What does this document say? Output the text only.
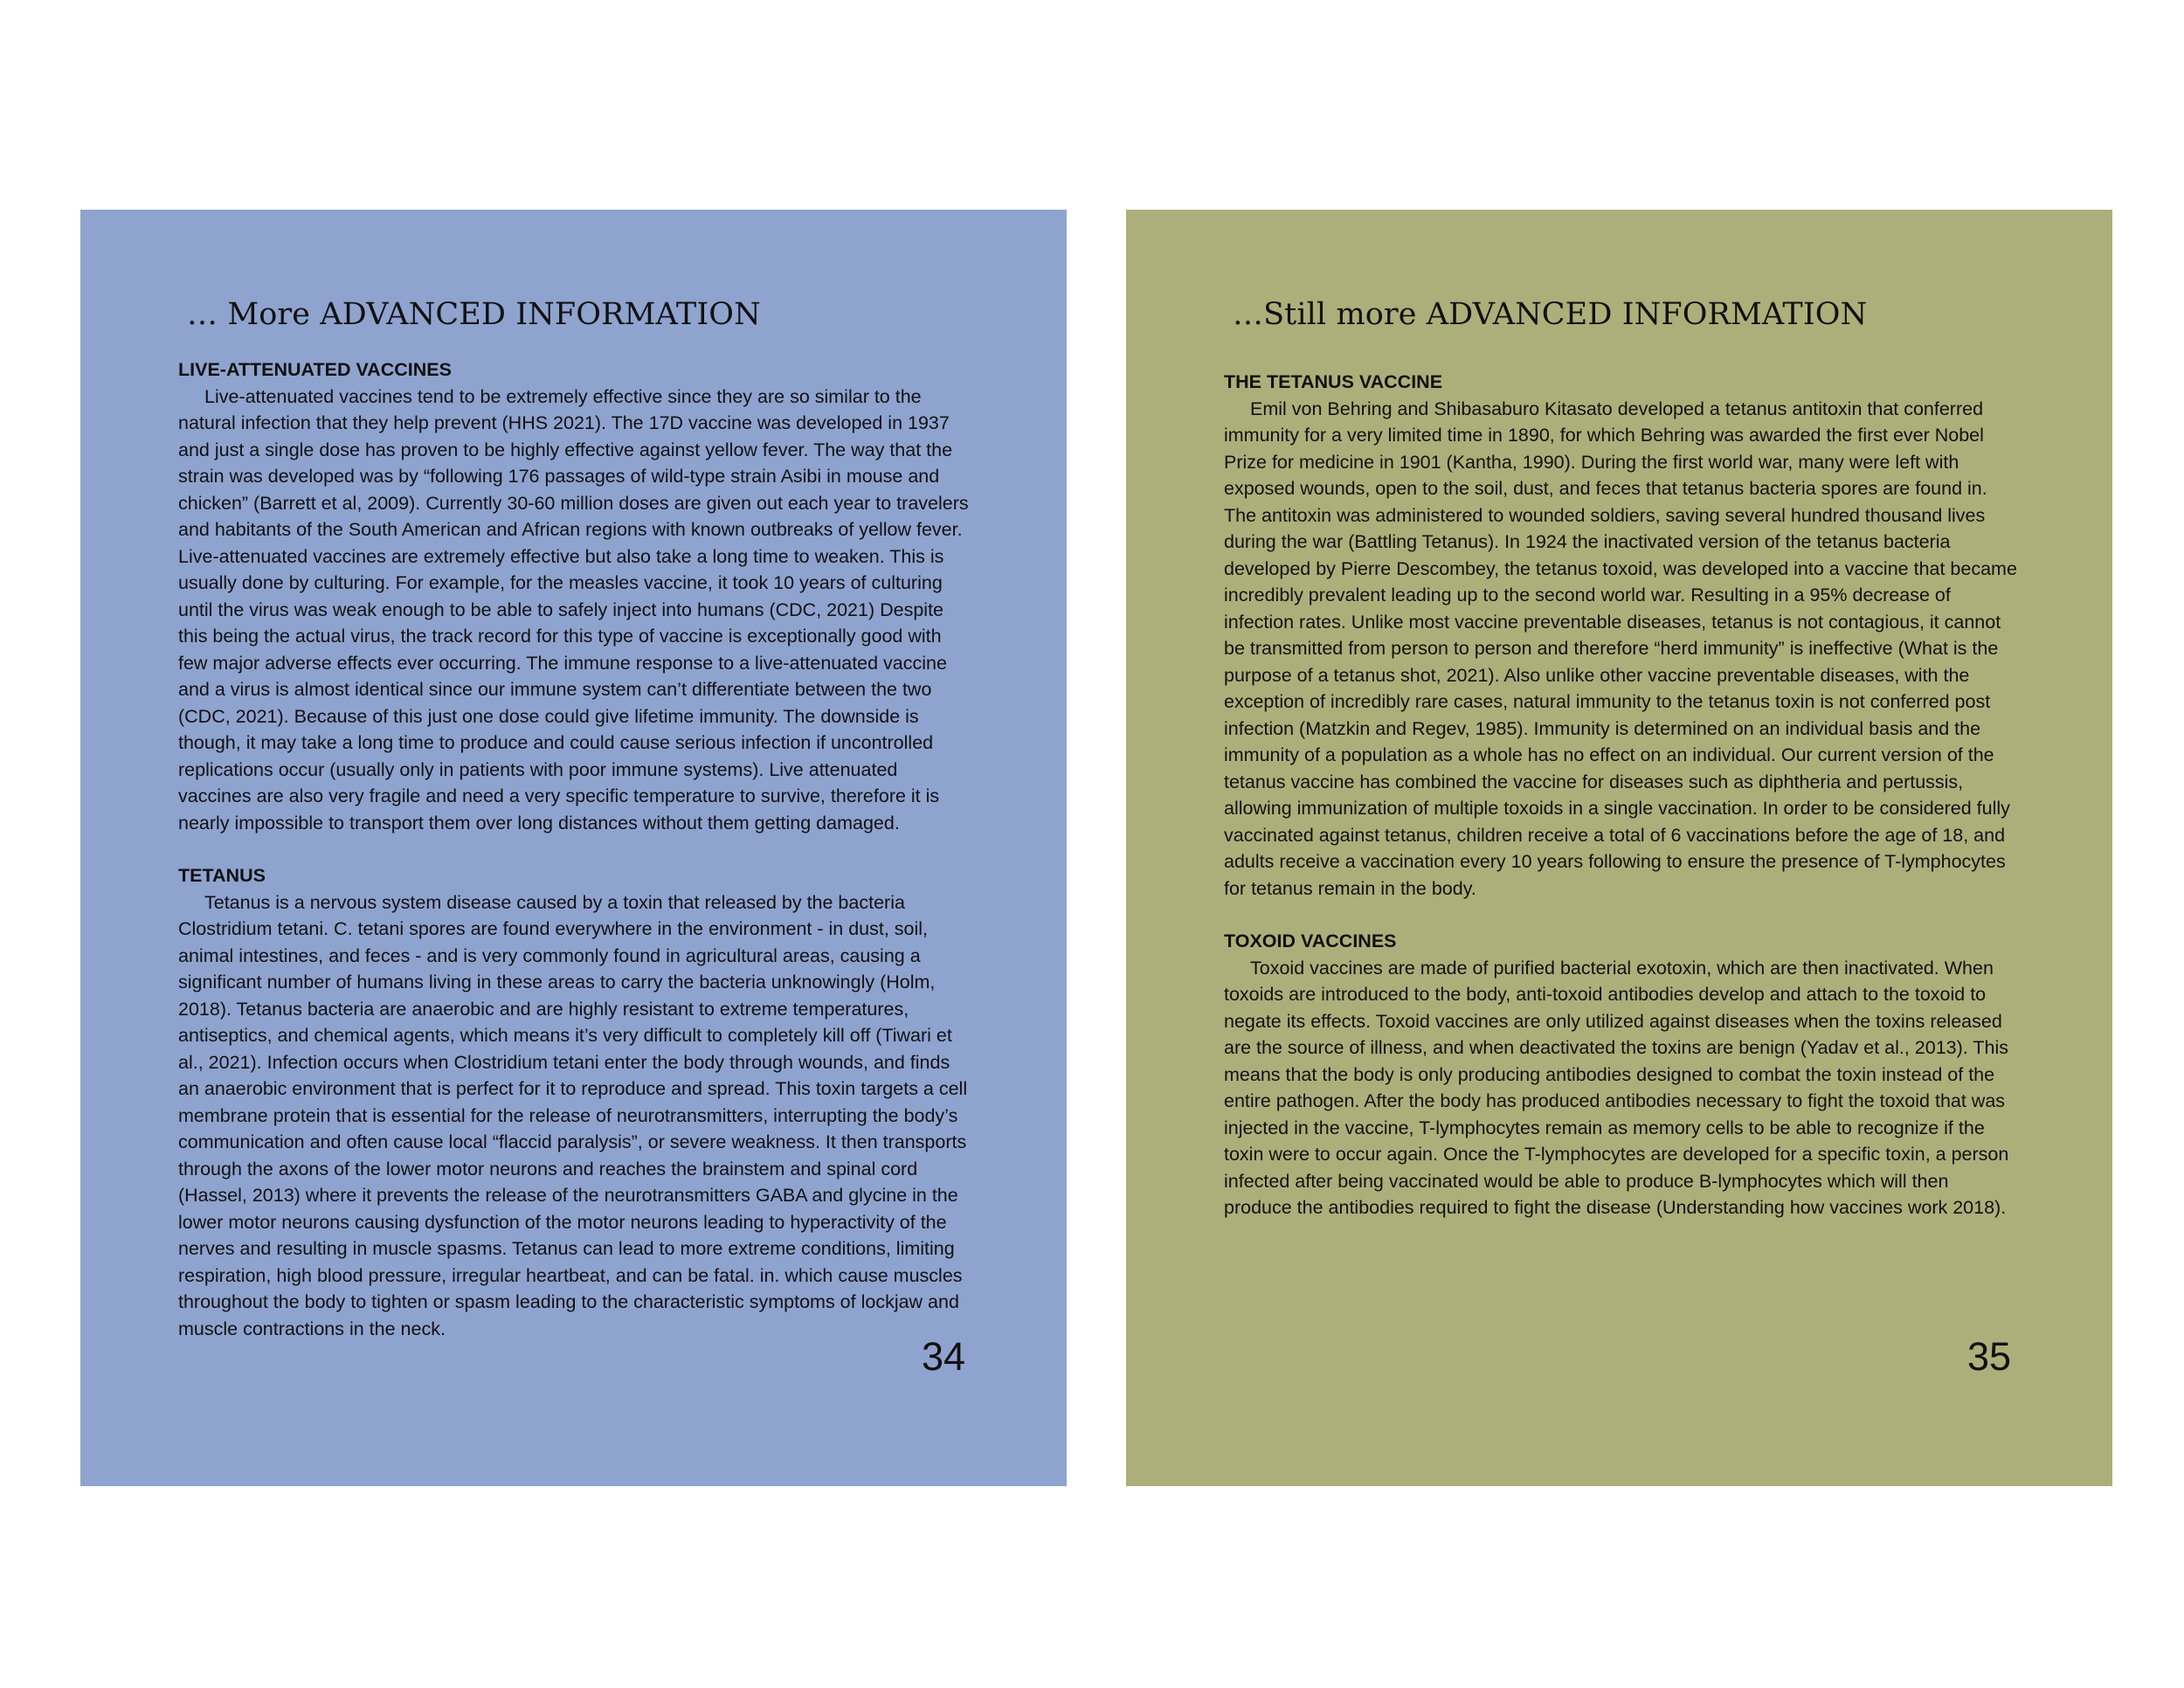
… More ADVANCED INFORMATION
LIVE-ATTENUATED VACCINES

Live-attenuated vaccines tend to be extremely effective since they are so similar to the natural infection that they help prevent (HHS 2021). The 17D vaccine was developed in 1937 and just a single dose has proven to be highly effective against yellow fever. The way that the strain was developed was by “following 176 passages of wild-type strain Asibi in mouse and chicken” (Barrett et al, 2009). Currently 30-60 million doses are given out each year to travelers and habitants of the South American and African regions with known outbreaks of yellow fever. Live-attenuated vaccines are extremely effective but also take a long time to weaken. This is usually done by culturing. For example, for the measles vaccine, it took 10 years of culturing until the virus was weak enough to be able to safely inject into humans (CDC, 2021) Despite this being the actual virus, the track record for this type of vaccine is exceptionally good with few major adverse effects ever occurring. The immune response to a live-attenuated vaccine and a virus is almost identical since our immune system can’t differentiate between the two (CDC, 2021). Because of this just one dose could give lifetime immunity. The downside is though, it may take a long time to produce and could cause serious infection if uncontrolled replications occur (usually only in patients with poor immune systems). Live attenuated vaccines are also very fragile and need a very specific temperature to survive, therefore it is nearly impossible to transport them over long distances without them getting damaged.

TETANUS

Tetanus is a nervous system disease caused by a toxin that released by the bacteria Clostridium tetani. C. tetani spores are found everywhere in the environment - in dust, soil, animal intestines, and feces - and is very commonly found in agricultural areas, causing a significant number of humans living in these areas to carry the bacteria unknowingly (Holm, 2018). Tetanus bacteria are anaerobic and are highly resistant to extreme temperatures, antiseptics, and chemical agents, which means it’s very difficult to completely kill off (Tiwari et al., 2021). Infection occurs when Clostridium tetani enter the body through wounds, and finds an anaerobic environment that is perfect for it to reproduce and spread. This toxin targets a cell membrane protein that is essential for the release of neurotransmitters, interrupting the body’s communication and often cause local “flaccid paralysis”, or severe weakness. It then transports through the axons of the lower motor neurons and reaches the brainstem and spinal cord (Hassel, 2013) where it prevents the release of the neurotransmitters GABA and glycine in the lower motor neurons causing dysfunction of the motor neurons leading to hyperactivity of the nerves and resulting in muscle spasms. Tetanus can lead to more extreme conditions, limiting respiration, high blood pressure, irregular heartbeat, and can be fatal. in. which cause muscles throughout the body to tighten or spasm leading to the characteristic symptoms of lockjaw and muscle contractions in the neck.

34
…Still more ADVANCED INFORMATION
THE TETANUS VACCINE

Emil von Behring and Shibasaburo Kitasato developed a tetanus antitoxin that conferred immunity for a very limited time in 1890, for which Behring was awarded the first ever Nobel Prize for medicine in 1901 (Kantha, 1990). During the first world war, many were left with exposed wounds, open to the soil, dust, and feces that tetanus bacteria spores are found in. The antitoxin was administered to wounded soldiers, saving several hundred thousand lives during the war (Battling Tetanus). In 1924 the inactivated version of the tetanus bacteria developed by Pierre Descombey, the tetanus toxoid, was developed into a vaccine that became incredibly prevalent leading up to the second world war. Resulting in a 95% decrease of infection rates. Unlike most vaccine preventable diseases, tetanus is not contagious, it cannot be transmitted from person to person and therefore “herd immunity” is ineffective (What is the purpose of a tetanus shot, 2021). Also unlike other vaccine preventable diseases, with the exception of incredibly rare cases, natural immunity to the tetanus toxin is not conferred post infection (Matzkin and Regev, 1985). Immunity is determined on an individual basis and the immunity of a population as a whole has no effect on an individual. Our current version of the tetanus vaccine has combined the vaccine for diseases such as diphtheria and pertussis, allowing immunization of multiple toxoids in a single vaccination. In order to be considered fully vaccinated against tetanus, children receive a total of 6 vaccinations before the age of 18, and adults receive a vaccination every 10 years following to ensure the presence of T-lymphocytes for tetanus remain in the body.

TOXOID VACCINES

Toxoid vaccines are made of purified bacterial exotoxin, which are then inactivated. When toxoids are introduced to the body, anti-toxoid antibodies develop and attach to the toxoid to negate its effects. Toxoid vaccines are only utilized against diseases when the toxins released are the source of illness, and when deactivated the toxins are benign (Yadav et al., 2013). This means that the body is only producing antibodies designed to combat the toxin instead of the entire pathogen. After the body has produced antibodies necessary to fight the toxoid that was injected in the vaccine, T-lymphocytes remain as memory cells to be able to recognize if the toxin were to occur again. Once the T-lymphocytes are developed for a specific toxin, a person infected after being vaccinated would be able to produce B-lymphocytes which will then produce the antibodies required to fight the disease (Understanding how vaccines work 2018).

35
